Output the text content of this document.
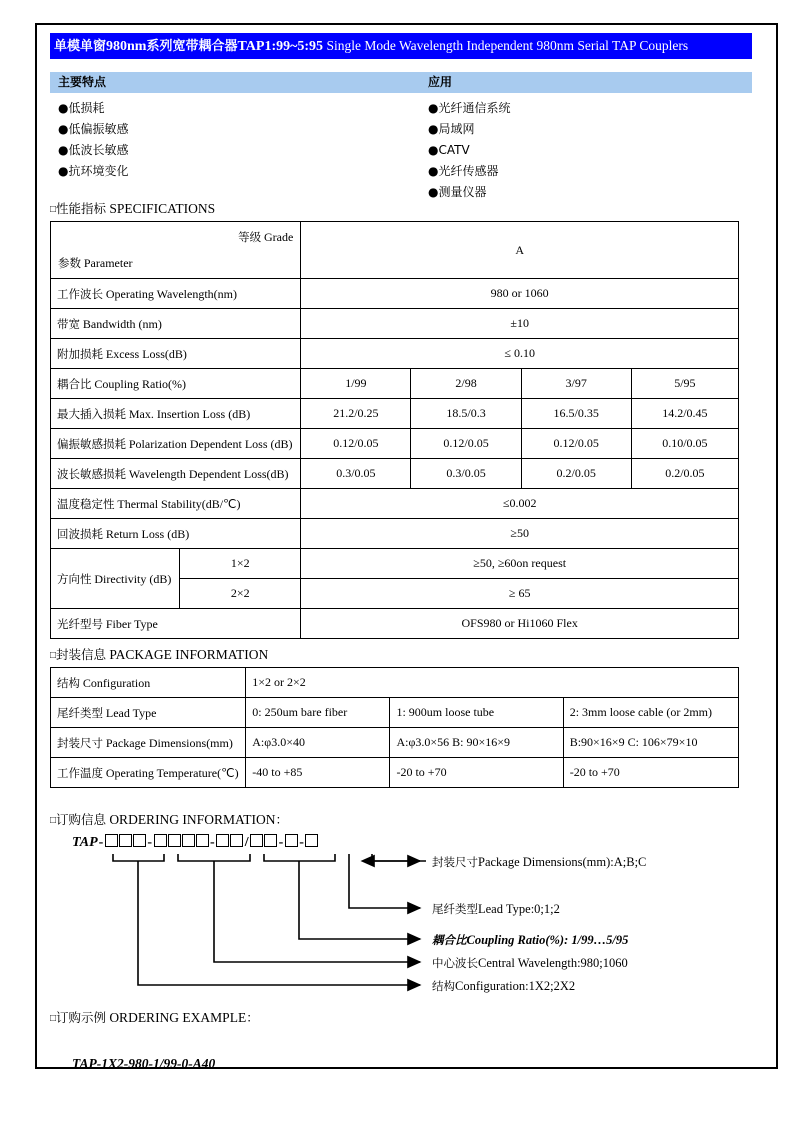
单模单窗980nm系列宽带耦合器TAP1:99~5:95 Single Mode Wavelength Independent 980nm Serial TAP Couplers
主要特点	应用
●低损耗
●低偏振敏感
●低波长敏感
●抗环境变化
●光纤通信系统
●局域网
●CATV
●光纤传感器
●测量仪器
□性能指标 SPECIFICATIONS
等级 Grade
参数 Parameter		A			
工作波长 Operating Wavelength(nm)		980 or 1060			
带宽 Bandwidth (nm)		±10			
附加损耗 Excess Loss(dB)		≤ 0.10			
耦合比 Coupling Ratio(%)		1/99	2/98	3/97	5/95
最大插入损耗 Max. Insertion Loss (dB)		21.2/0.25	18.5/0.3	16.5/0.35	14.2/0.45
偏振敏感损耗 Polarization Dependent Loss (dB)		0.12/0.05	0.12/0.05	0.12/0.05	0.10/0.05
波长敏感损耗 Wavelength Dependent Loss(dB)		0.3/0.05	0.3/0.05	0.2/0.05	0.2/0.05
温度稳定性 Thermal Stability(dB/℃)		≤0.002			
回波损耗 Return Loss (dB)		≥50			
方向性 Directivity (dB)	1×2	≥50, ≥60on request			
	2×2	≥ 65			
光纤型号 Fiber Type		OFS980 or Hi1060 Flex			
□封装信息 PACKAGE INFORMATION
结构 Configuration	1×2 or 2×2		
尾纤类型 Lead Type	0: 250um bare fiber	1: 900um loose tube	2: 3mm loose cable (or 2mm)
封装尺寸 Package Dimensions(mm)	A:φ3.0×40	A:φ3.0×56 B: 90×16×9	B:90×16×9 C: 106×79×10
工作温度 Operating Temperature(℃)	-40 to +85	-20 to +70	-20 to +70
□订购信息 ORDERING INFORMATION：
TAP-	-	- / - -
封装尺寸Package Dimensions(mm):A;B;C
尾纤类型Lead Type:0;1;2
耦合比Coupling Ratio(%): 1/99…5/95
中心波长Central Wavelength:980;1060
结构Configuration:1X2;2X2
□订购示例 ORDERING EXAMPLE：
TAP-1X2-980-1/99-0-A40
